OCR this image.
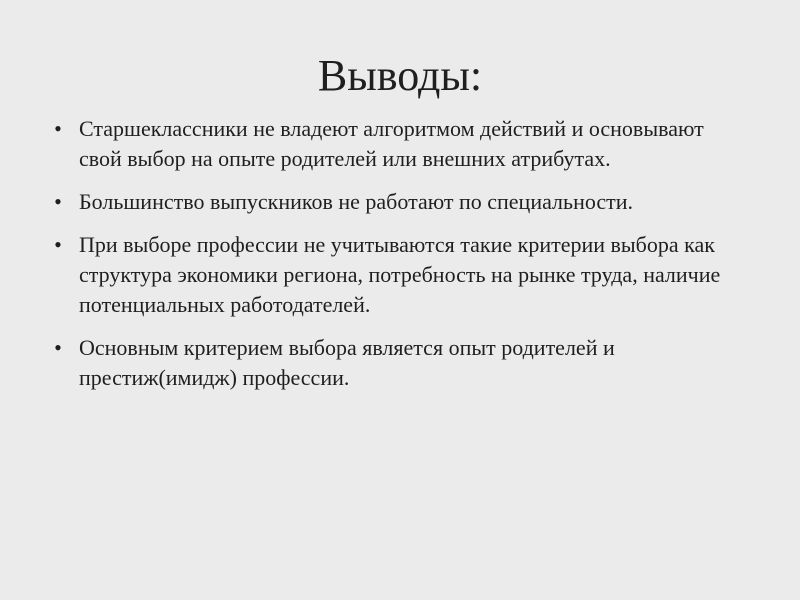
Выводы:
• Старшеклассники не владеют алгоритмом действий и основывают свой выбор на опыте родителей или внешних атрибутах.
• Большинство выпускников не работают по специальности.
• При выборе профессии не учитываются такие критерии выбора как структура экономики региона, потребность на рынке труда, наличие потенциальных работодателей.
• Основным критерием выбора является опыт родителей и престиж(имидж) профессии.
